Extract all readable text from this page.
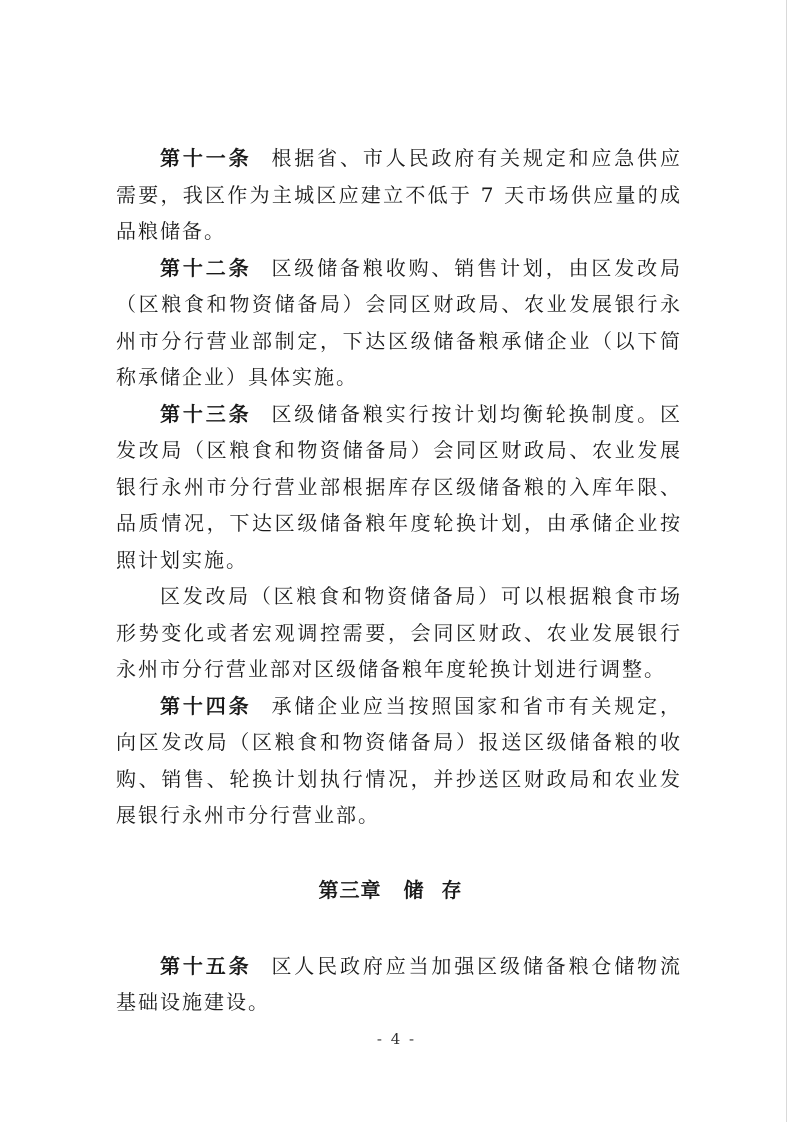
第十一条 根据省、市人民政府有关规定和应急供应需要，我区作为主城区应建立不低于 7 天市场供应量的成品粮储备。

第十二条 区级储备粮收购、销售计划，由区发改局（区粮食和物资储备局）会同区财政局、农业发展银行永州市分行营业部制定，下达区级储备粮承储企业（以下简称承储企业）具体实施。

第十三条 区级储备粮实行按计划均衡轮换制度。区发改局（区粮食和物资储备局）会同区财政局、农业发展银行永州市分行营业部根据库存区级储备粮的入库年限、品质情况，下达区级储备粮年度轮换计划，由承储企业按照计划实施。

区发改局（区粮食和物资储备局）可以根据粮食市场形势变化或者宏观调控需要，会同区财政、农业发展银行永州市分行营业部对区级储备粮年度轮换计划进行调整。

第十四条 承储企业应当按照国家和省市有关规定，向区发改局（区粮食和物资储备局）报送区级储备粮的收购、销售、轮换计划执行情况，并抄送区财政局和农业发展银行永州市分行营业部。

第三章 储存

第十五条 区人民政府应当加强区级储备粮仓储物流基础设施建设。

- 4 -
